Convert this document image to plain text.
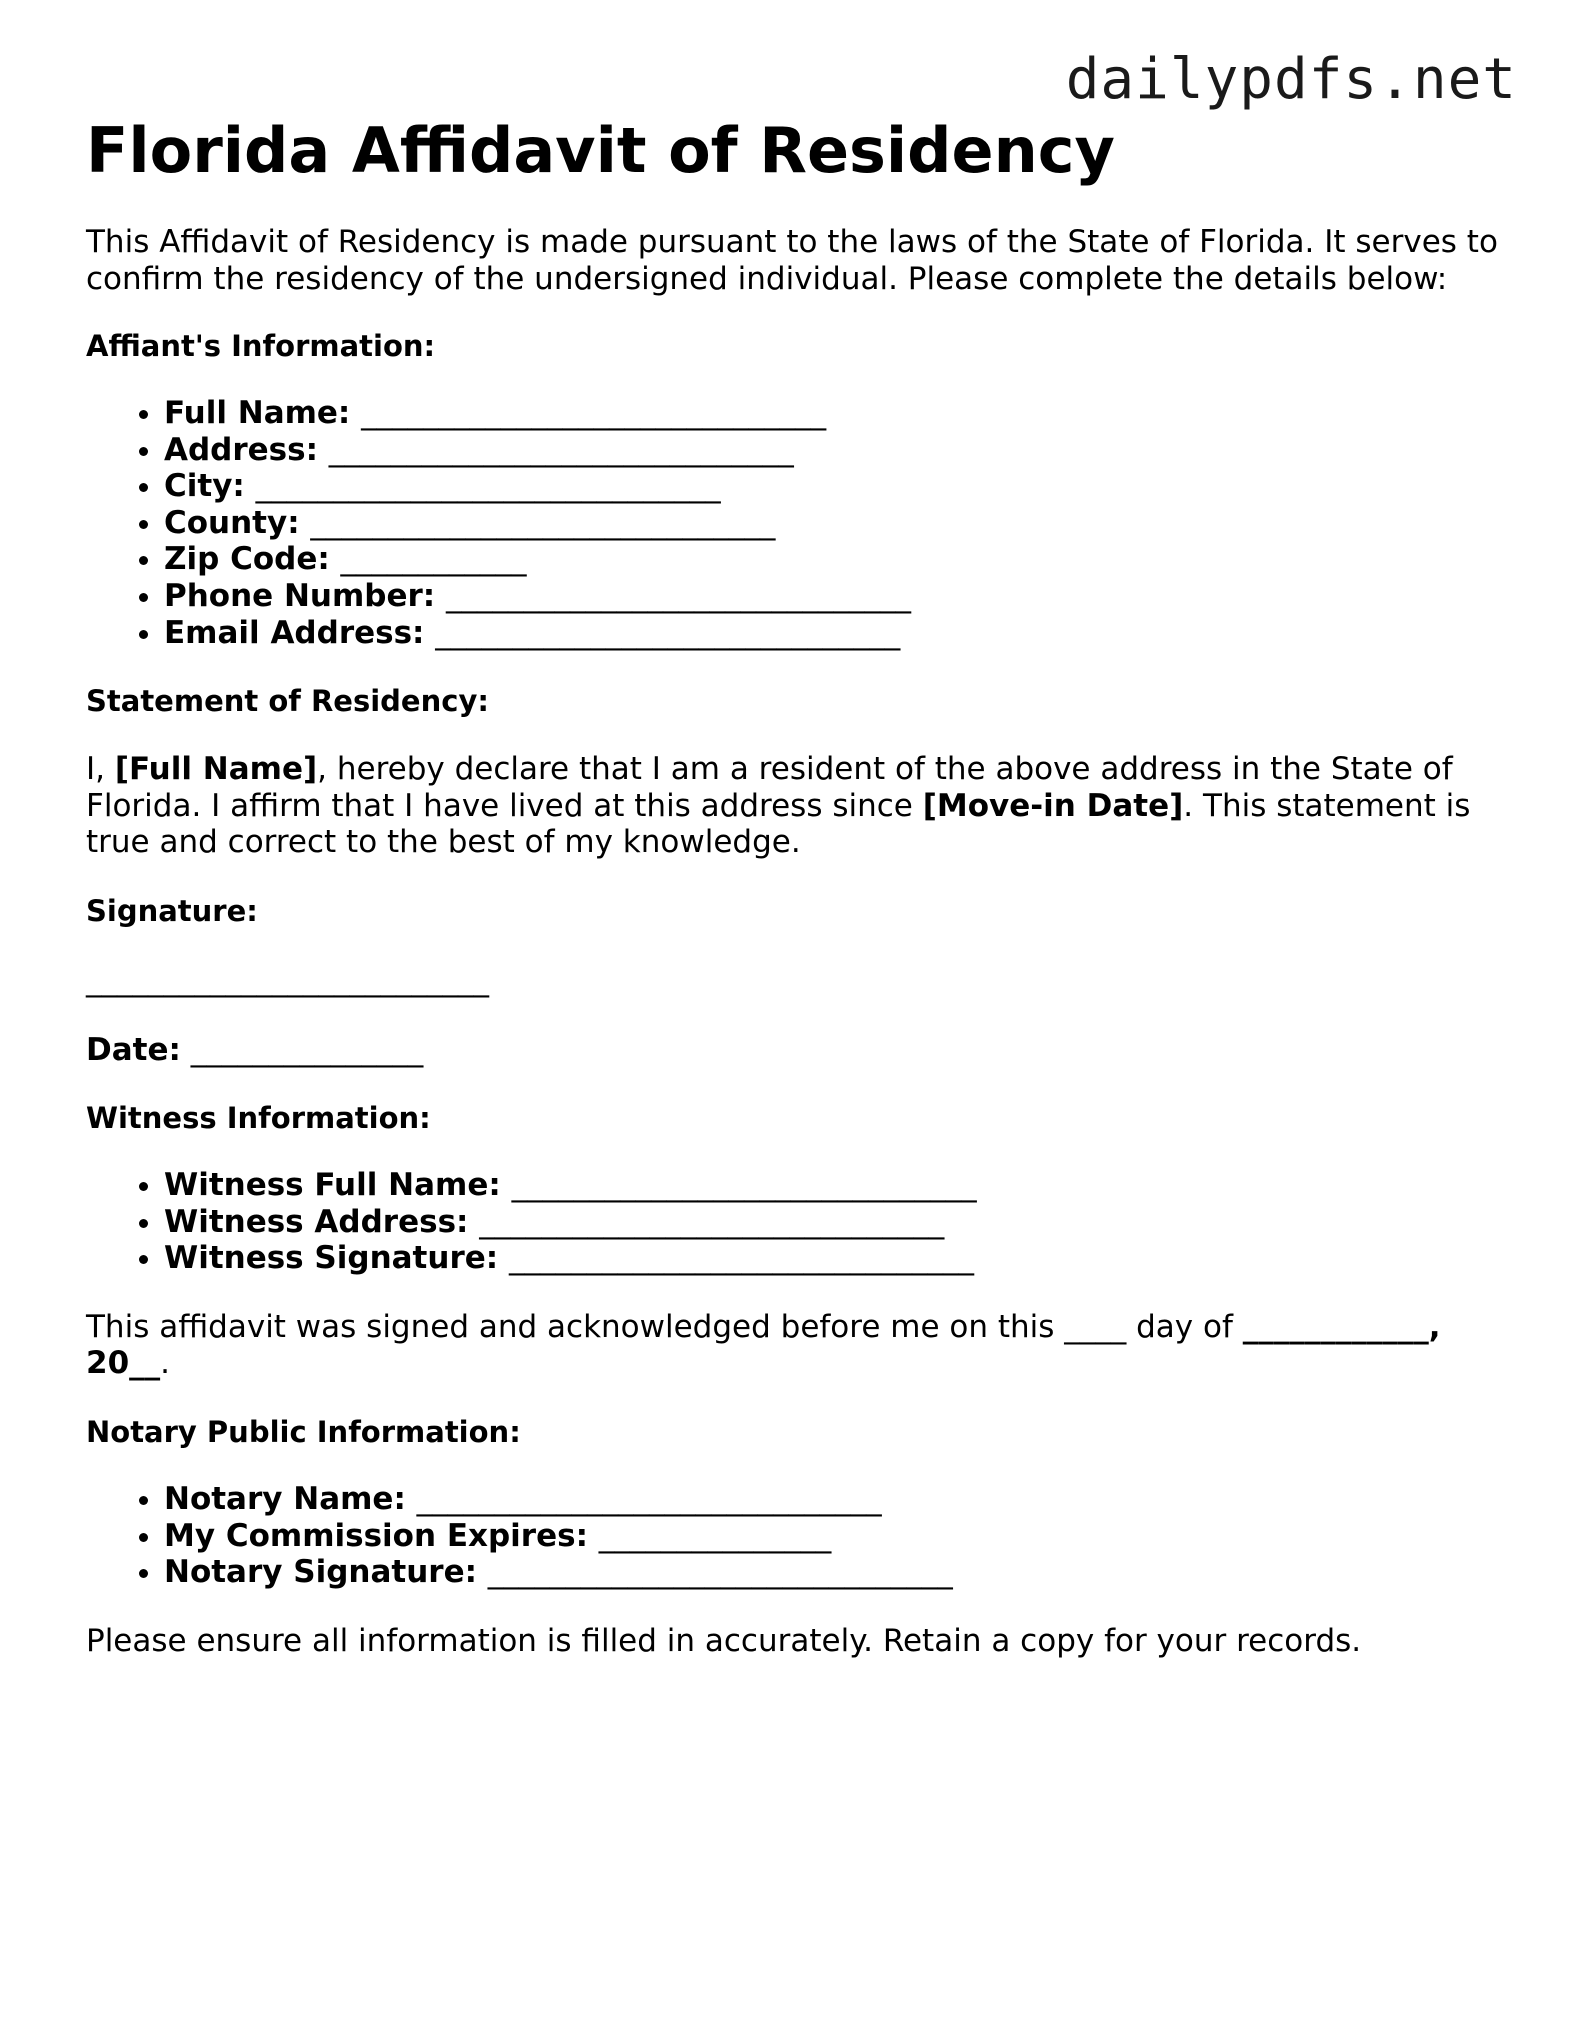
dailypdfs.net
Florida Affidavit of Residency

This Affidavit of Residency is made pursuant to the laws of the State of Florida. It serves to confirm the residency of the undersigned individual. Please complete the details below:

Affiant's Information:

• Full Name: ______________________________
• Address: ______________________________
• City: ______________________________
• County: ______________________________
• Zip Code: ____________
• Phone Number: ______________________________
• Email Address: ______________________________

Statement of Residency:

I, [Full Name], hereby declare that I am a resident of the above address in the State of Florida. I affirm that I have lived at this address since [Move-in Date]. This statement is true and correct to the best of my knowledge.

Signature:

__________________________

Date: _______________

Witness Information:

• Witness Full Name: ______________________________
• Witness Address: ______________________________
• Witness Signature: ______________________________

This affidavit was signed and acknowledged before me on this ____ day of ____________,
20__.

Notary Public Information:

• Notary Name: ______________________________
• My Commission Expires: _______________
• Notary Signature: ______________________________

Please ensure all information is filled in accurately. Retain a copy for your records.
